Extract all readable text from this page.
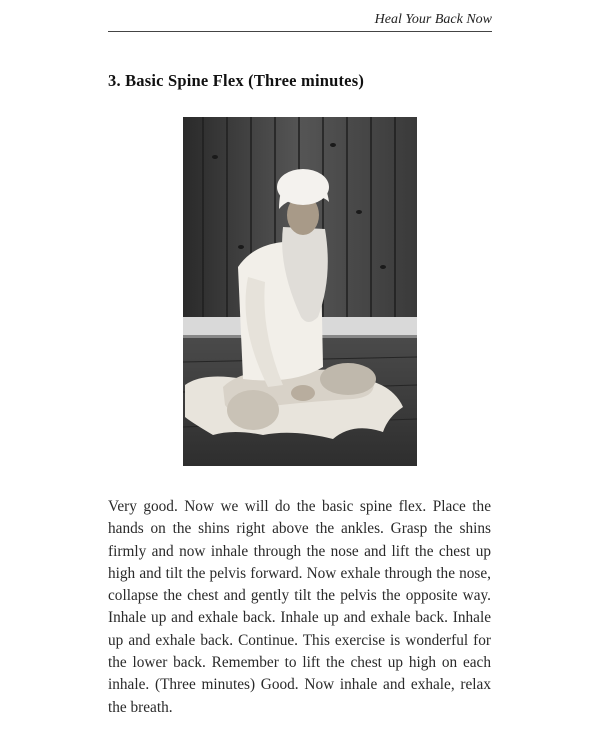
Heal Your Back Now
3. Basic Spine Flex (Three minutes)

Very good. Now we will do the basic spine flex. Place the hands on the shins right above the ankles. Grasp the shins firmly and now inhale through the nose and lift the chest up high and tilt the pelvis forward. Now exhale through the nose, collapse the chest and gently tilt the pelvis the opposite way. Inhale up and exhale back. Inhale up and exhale back. Inhale up and exhale back. Continue. This exercise is wonderful for the lower back. Remember to lift the chest up high on each inhale. (Three minutes) Good. Now inhale and exhale, relax the breath.
